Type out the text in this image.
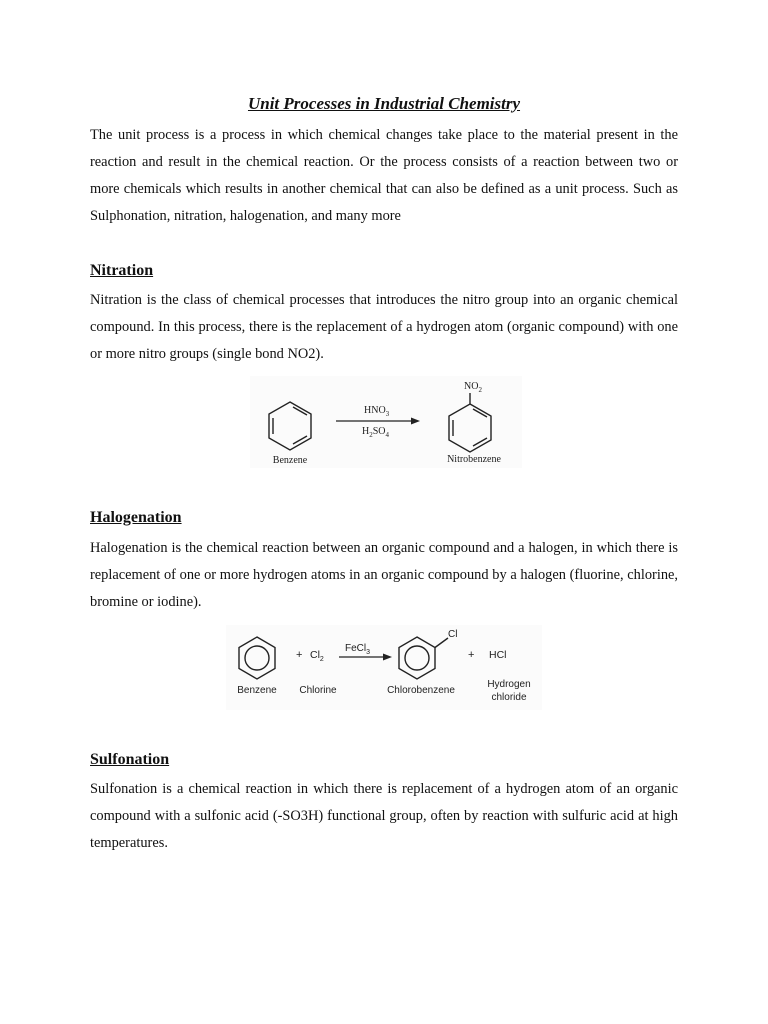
Unit Processes in Industrial Chemistry

The unit process is a process in which chemical changes take place to the material present in the reaction and result in the chemical reaction. Or the process consists of a reaction between two or more chemicals which results in another chemical that can also be defined as a unit process. Such as Sulphonation, nitration, halogenation, and many more

Nitration

Nitration is the class of chemical processes that introduces the nitro group into an organic chemical compound. In this process, there is the replacement of a hydrogen atom (organic compound) with one or more nitro groups (single bond NO2).

$HNO_3$
$H_2SO_4$
$NO_2$
Benzene	Nitrobenzene
Halogenation

Halogenation is the chemical reaction between an organic compound and a halogen, in which there is replacement of one or more hydrogen atoms in an organic compound by a halogen (fluorine, chlorine, bromine or iodine).

+ $Cl_2$
FeCl$_3$
Cl
+ HCl
Benzene Chlorine	Chlorobenzene
Hydrogen
chloride
Sulfonation

Sulfonation is a chemical reaction in which there is replacement of a hydrogen atom of an organic compound with a sulfonic acid (-SO3H) functional group, often by reaction with sulfuric acid at high temperatures.
